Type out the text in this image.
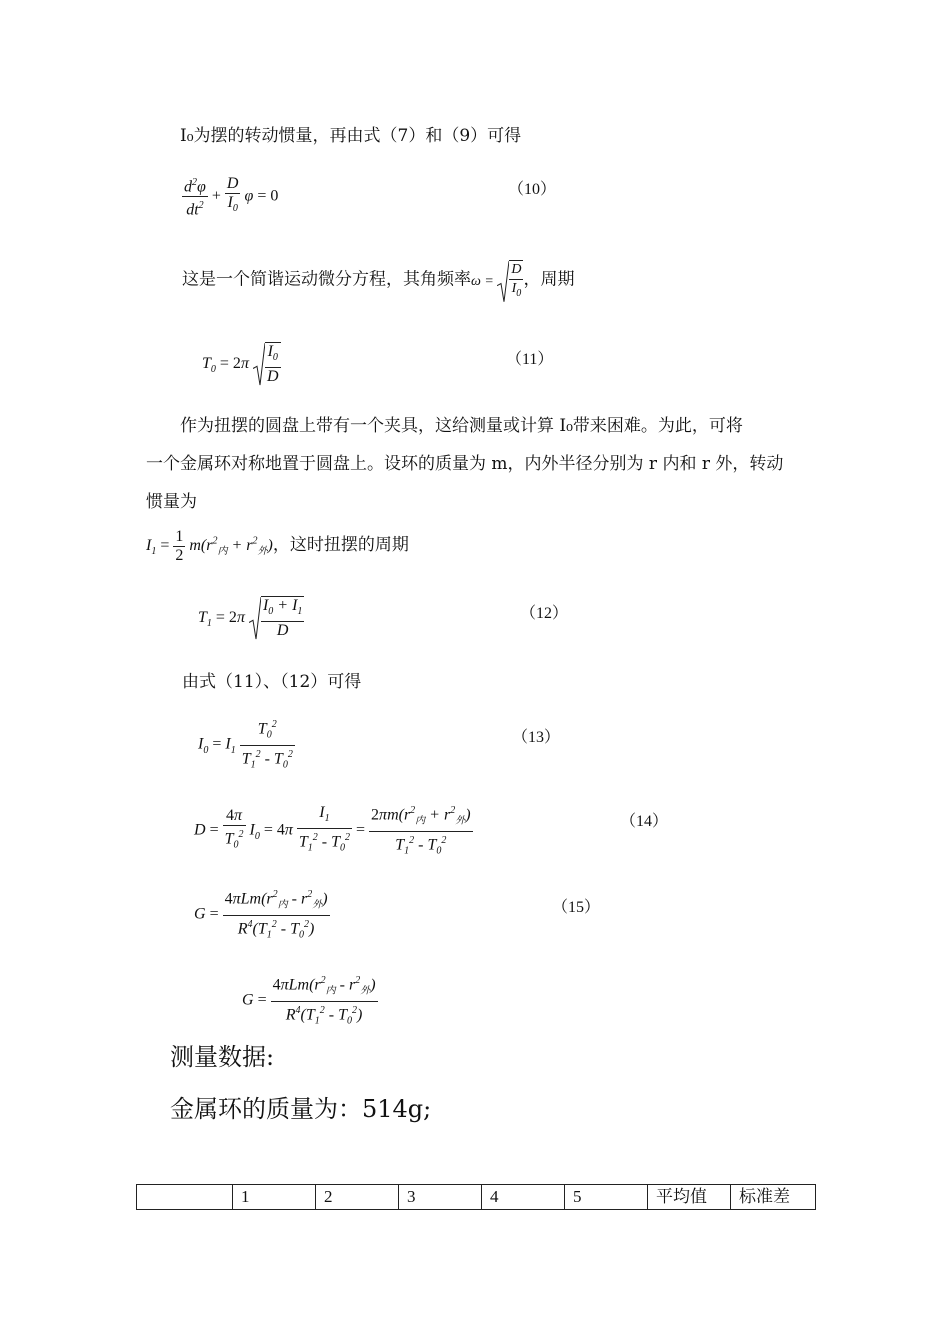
I₀为摆的转动惯量，再由式（7）和（9）可得
$\frac{d^2\varphi}{dt^2} + \frac{D}{I_0}$ φ = 0	（10）
这是一个简谐运动微分方程，其角频率$\omega = \frac{D}{I_0}$ ，周期
$T_0 = 2\pi \frac{I_0}{D}$	（11）
作为扭摆的圆盘上带有一个夹具，这给测量或计算 I₀带来困难。为此，可将
一个金属环对称地置于圆盘上。设环的质量为 m，内外半径分别为 r 内和 r 外，转动
惯量为
$I_1 = \frac{1}{2} m(r^2_内 + r^2_外)$，这时扭摆的周期
$T_1 = 2\pi \frac{I_0 + I_1}{D}$	（12）
由式（11）、（12）可得
$I_0 = I_1 \frac{T_0^2}{T_1^2 - T_0^2}$	（13）
$D = \frac{4\pi}{T_0^2} I_0 = 4\pi \frac{I_1}{T_1^2 - T_0^2} = \frac{2\pi m(r^2_内 + r^2_外)}{T_1^2 - T_0^2}$	（14）
$G = \frac{4\pi Lm(r^2_内 - r^2_外)}{R^4(T_1^2 - T_0^2)}$	（15）
$G = \frac{4\pi Lm(r^2_内 - r^2_外)}{R^4(T_1^2 - T_0^2)}$
测量数据:
金属环的质量为：514g;
	1	2	3	4	5	平均值	标准差
